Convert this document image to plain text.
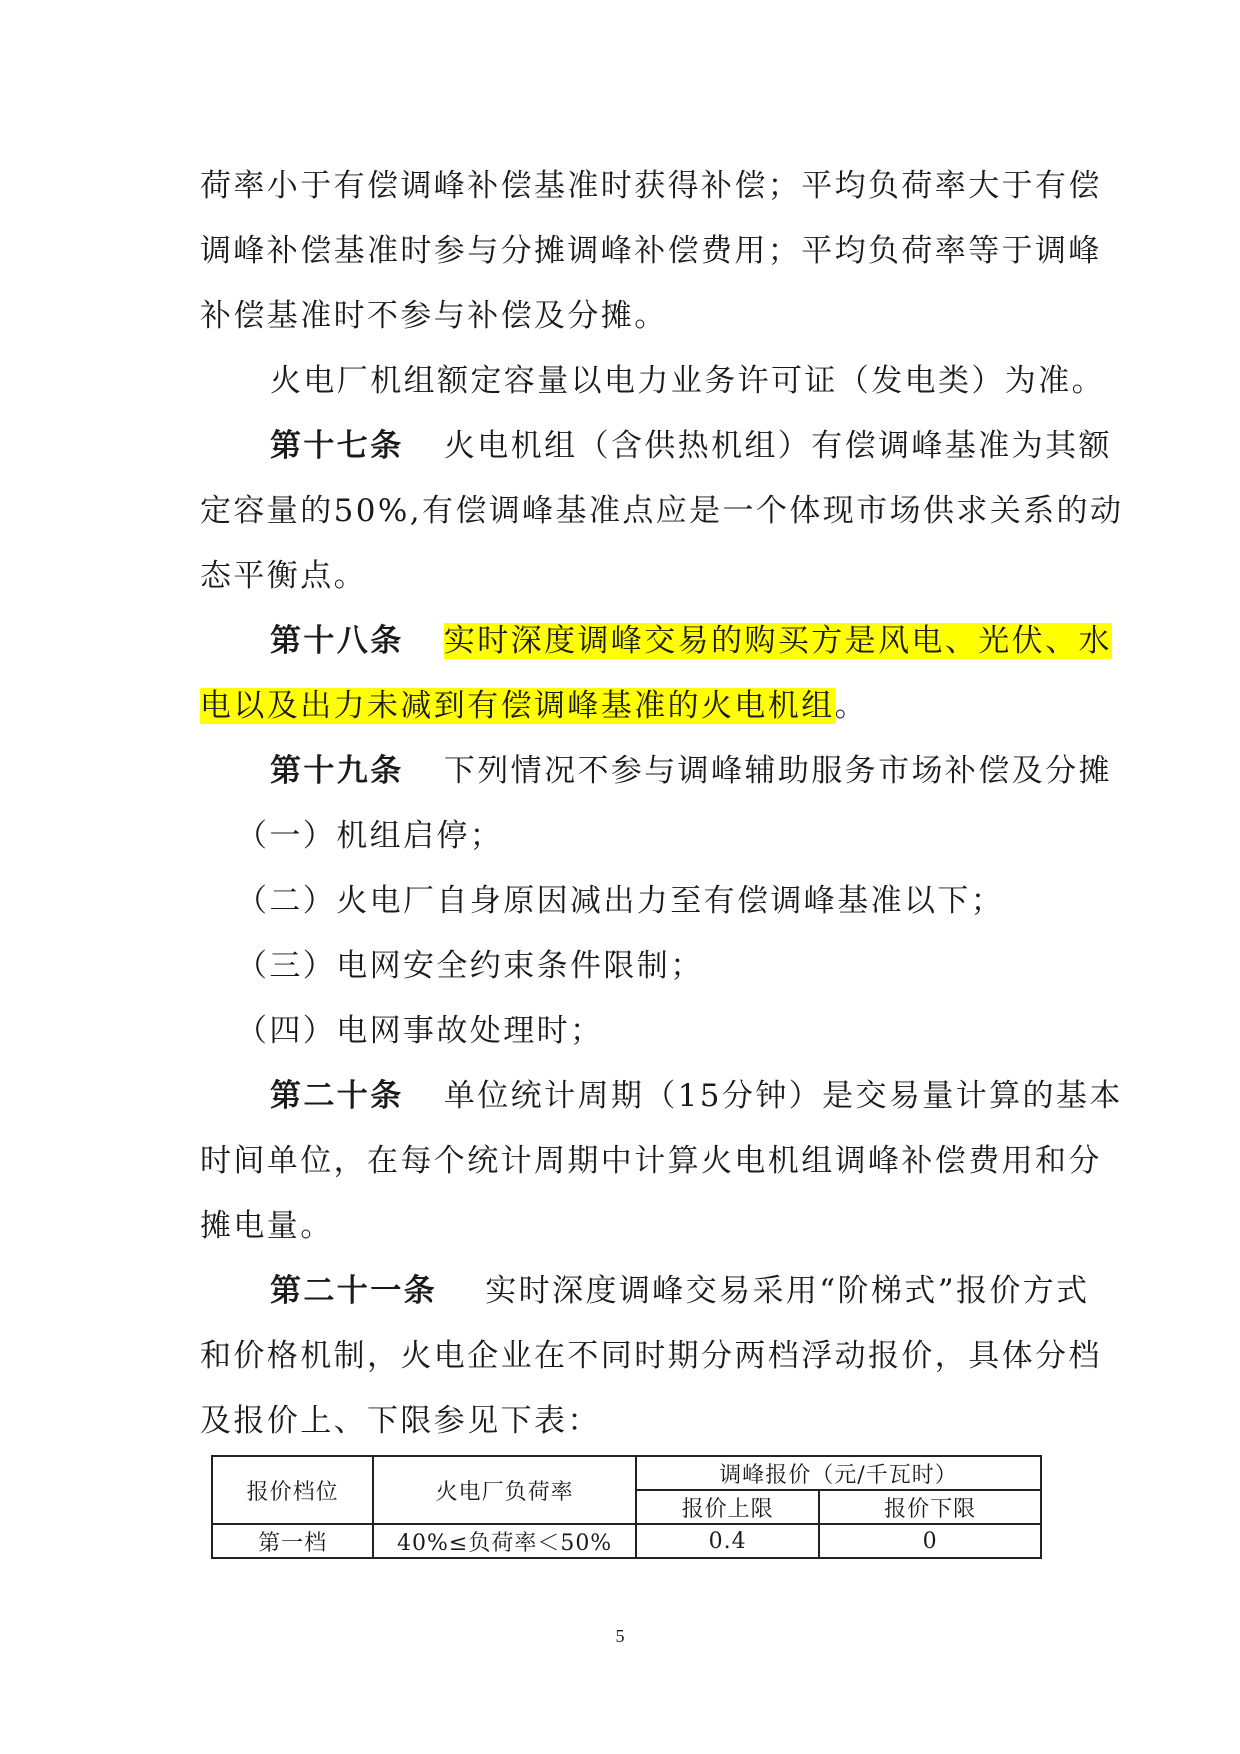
荷率小于有偿调峰补偿基准时获得补偿；平均负荷率大于有偿
调峰补偿基准时参与分摊调峰补偿费用；平均负荷率等于调峰
补偿基准时不参与补偿及分摊。
火电厂机组额定容量以电力业务许可证（发电类）为准。
第十七条 火电机组（含供热机组）有偿调峰基准为其额
定容量的50%,有偿调峰基准点应是一个体现市场供求关系的动
态平衡点。
第十八条 实时深度调峰交易的购买方是风电、光伏、水
电以及出力未减到有偿调峰基准的火电机组。
第十九条 下列情况不参与调峰辅助服务市场补偿及分摊
（一）机组启停；
（二）火电厂自身原因减出力至有偿调峰基准以下；
（三）电网安全约束条件限制；
（四）电网事故处理时；
第二十条 单位统计周期（15分钟）是交易量计算的基本
时间单位，在每个统计周期中计算火电机组调峰补偿费用和分
摊电量。
第二十一条 实时深度调峰交易采用“阶梯式”报价方式
和价格机制，火电企业在不同时期分两档浮动报价，具体分档
及报价上、下限参见下表：
报价档位	火电厂负荷率	调峰报价（元/千瓦时）	
		报价上限	报价下限
第一档	40%≤负荷率＜50%	0.4	0
5
